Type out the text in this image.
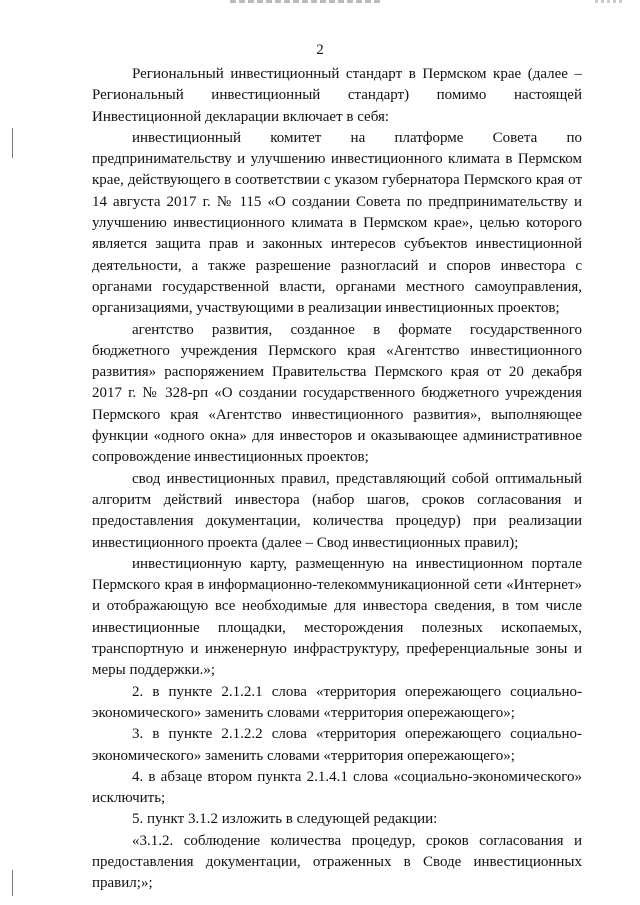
2

Региональный инвестиционный стандарт в Пермском крае (далее – Региональный инвестиционный стандарт) помимо настоящей Инвестиционной декларации включает в себя:

инвестиционный комитет на платформе Совета по предпринимательству и улучшению инвестиционного климата в Пермском крае, действующего в соответствии с указом губернатора Пермского края от 14 августа 2017 г. № 115 «О создании Совета по предпринимательству и улучшению инвестиционного климата в Пермском крае», целью которого является защита прав и законных интересов субъектов инвестиционной деятельности, а также разрешение разногласий и споров инвестора с органами государственной власти, органами местного самоуправления, организациями, участвующими в реализации инвестиционных проектов;

агентство развития, созданное в формате государственного бюджетного учреждения Пермского края «Агентство инвестиционного развития» распоряжением Правительства Пермского края от 20 декабря 2017 г. № 328-рп «О создании государственного бюджетного учреждения Пермского края «Агентство инвестиционного развития», выполняющее функции «одного окна» для инвесторов и оказывающее административное сопровождение инвестиционных проектов;

свод инвестиционных правил, представляющий собой оптимальный алгоритм действий инвестора (набор шагов, сроков согласования и предоставления документации, количества процедур) при реализации инвестиционного проекта (далее – Свод инвестиционных правил);

инвестиционную карту, размещенную на инвестиционном портале Пермского края в информационно-телекоммуникационной сети «Интернет» и отображающую все необходимые для инвестора сведения, в том числе инвестиционные площадки, месторождения полезных ископаемых, транспортную и инженерную инфраструктуру, преференциальные зоны и меры поддержки.»;

2. в пункте 2.1.2.1 слова «территория опережающего социально-экономического» заменить словами «территория опережающего»;

3. в пункте 2.1.2.2 слова «территория опережающего социально-экономического» заменить словами «территория опережающего»;

4. в абзаце втором пункта 2.1.4.1 слова «социально-экономического» исключить;

5. пункт 3.1.2 изложить в следующей редакции:

«3.1.2. соблюдение количества процедур, сроков согласования и предоставления документации, отраженных в Своде инвестиционных правил;»;
